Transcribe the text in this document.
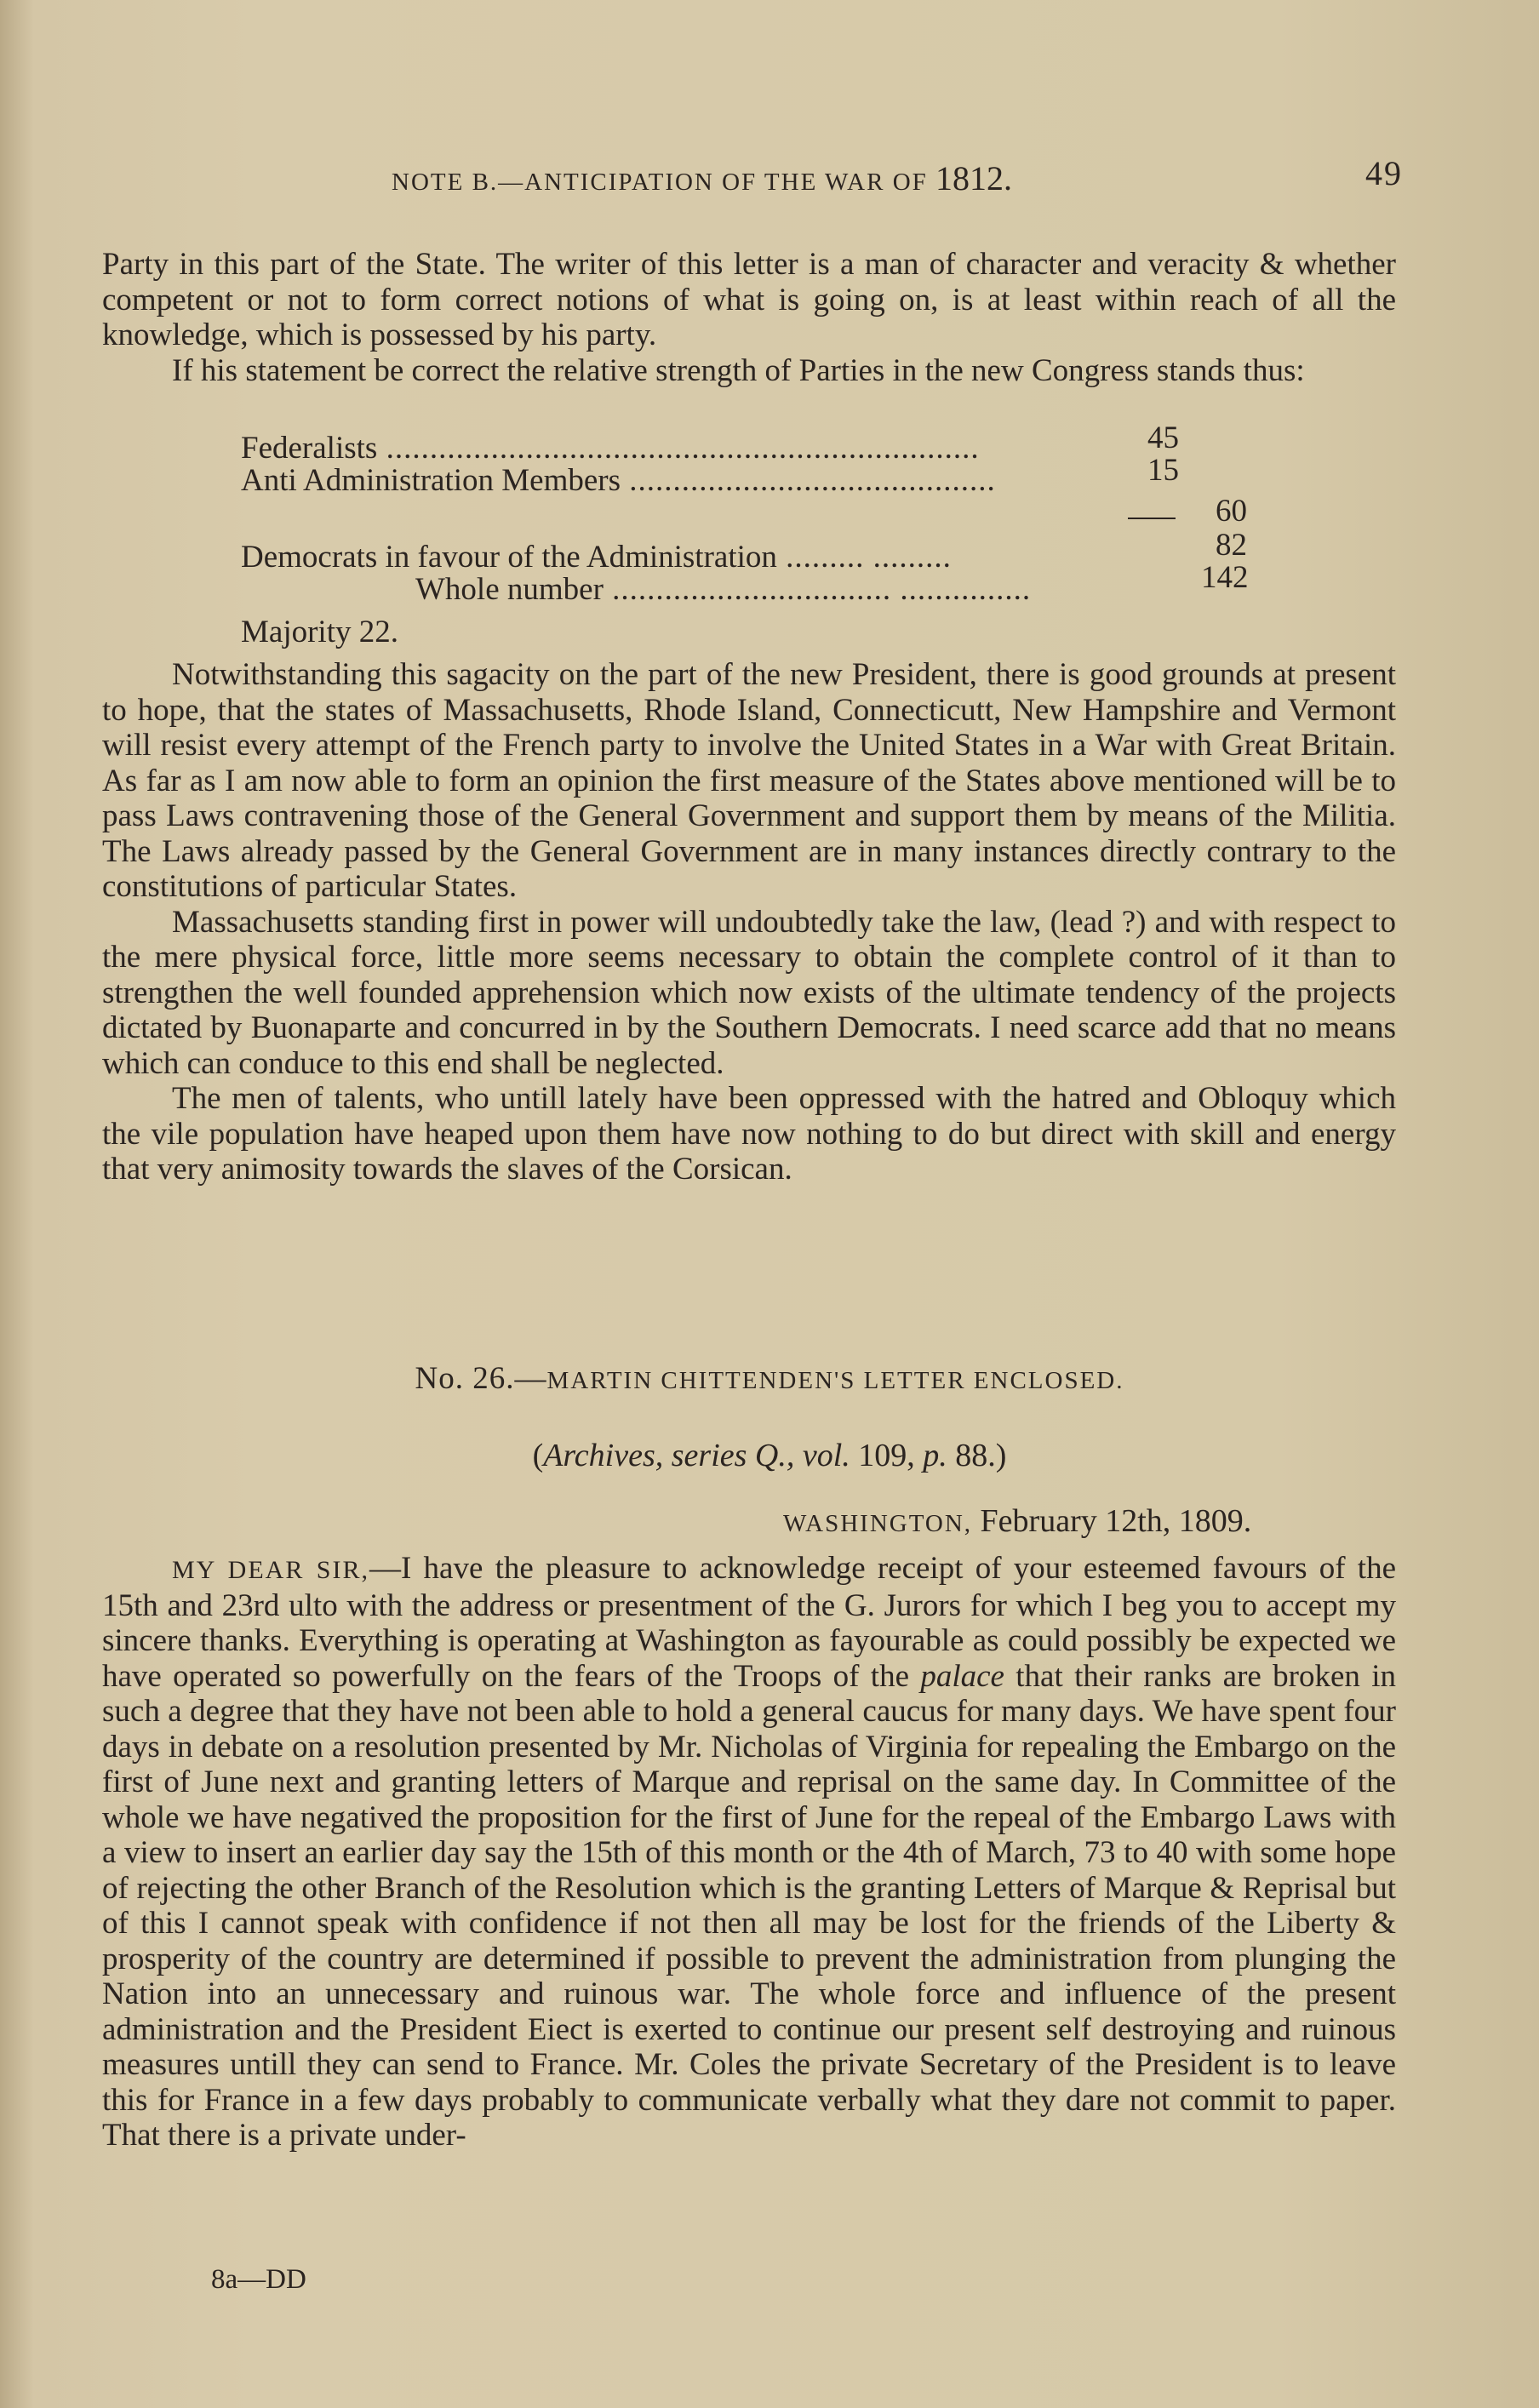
NOTE B.—ANTICIPATION OF THE WAR OF 1812.	49

Party in this part of the State. The writer of this letter is a man of character and veracity & whether competent or not to form correct notions of what is going on, is at least within reach of all the knowledge, which is possessed by his party.

If his statement be correct the relative strength of Parties in the new Congress stands thus:

Federalists ....................................................................	45
Anti Administration Members ..........................................	15
60
Democrats in favour of the Administration ......... .........	82
Whole number ................................ ...............	142
Majority 22.

Notwithstanding this sagacity on the part of the new President, there is good grounds at present to hope, that the states of Massachusetts, Rhode Island, Connecticutt, New Hampshire and Vermont will resist every attempt of the French party to involve the United States in a War with Great Britain. As far as I am now able to form an opinion the first measure of the States above mentioned will be to pass Laws contravening those of the General Government and support them by means of the Militia. The Laws already passed by the General Government are in many instances directly contrary to the constitutions of particular States.

Massachusetts standing first in power will undoubtedly take the law, (lead ?) and with respect to the mere physical force, little more seems necessary to obtain the complete control of it than to strengthen the well founded apprehension which now exists of the ultimate tendency of the projects dictated by Buonaparte and concurred in by the Southern Democrats. I need scarce add that no means which can conduce to this end shall be neglected.

The men of talents, who untill lately have been oppressed with the hatred and Obloquy which the vile population have heaped upon them have now nothing to do but direct with skill and energy that very animosity towards the slaves of the Corsican.

No. 26.—MARTIN CHITTENDEN'S LETTER ENCLOSED.
(Archives, series Q., vol. 109, p. 88.)
WASHINGTON, February 12th, 1809.

MY DEAR SIR,—I have the pleasure to acknowledge receipt of your esteemed favours of the 15th and 23rd ulto with the address or presentment of the G. Jurors for which I beg you to accept my sincere thanks. Everything is operating at Washington as fayourable as could possibly be expected we have operated so powerfully on the fears of the Troops of the palace that their ranks are broken in such a degree that they have not been able to hold a general caucus for many days. We have spent four days in debate on a resolution presented by Mr. Nicholas of Virginia for repealing the Embargo on the first of June next and granting letters of Marque and reprisal on the same day. In Committee of the whole we have negatived the proposition for the first of June for the repeal of the Embargo Laws with a view to insert an earlier day say the 15th of this month or the 4th of March, 73 to 40 with some hope of rejecting the other Branch of the Resolution which is the granting Letters of Marque & Reprisal but of this I cannot speak with confidence if not then all may be lost for the friends of the Liberty & prosperity of the country are determined if possible to prevent the administration from plunging the Nation into an unnecessary and ruinous war. The whole force and influence of the present administration and the President Eiect is exerted to continue our present self destroying and ruinous measures untill they can send to France. Mr. Coles the private Secretary of the President is to leave this for France in a few days probably to communicate verbally what they dare not commit to paper. That there is a private under-

8a—DD
